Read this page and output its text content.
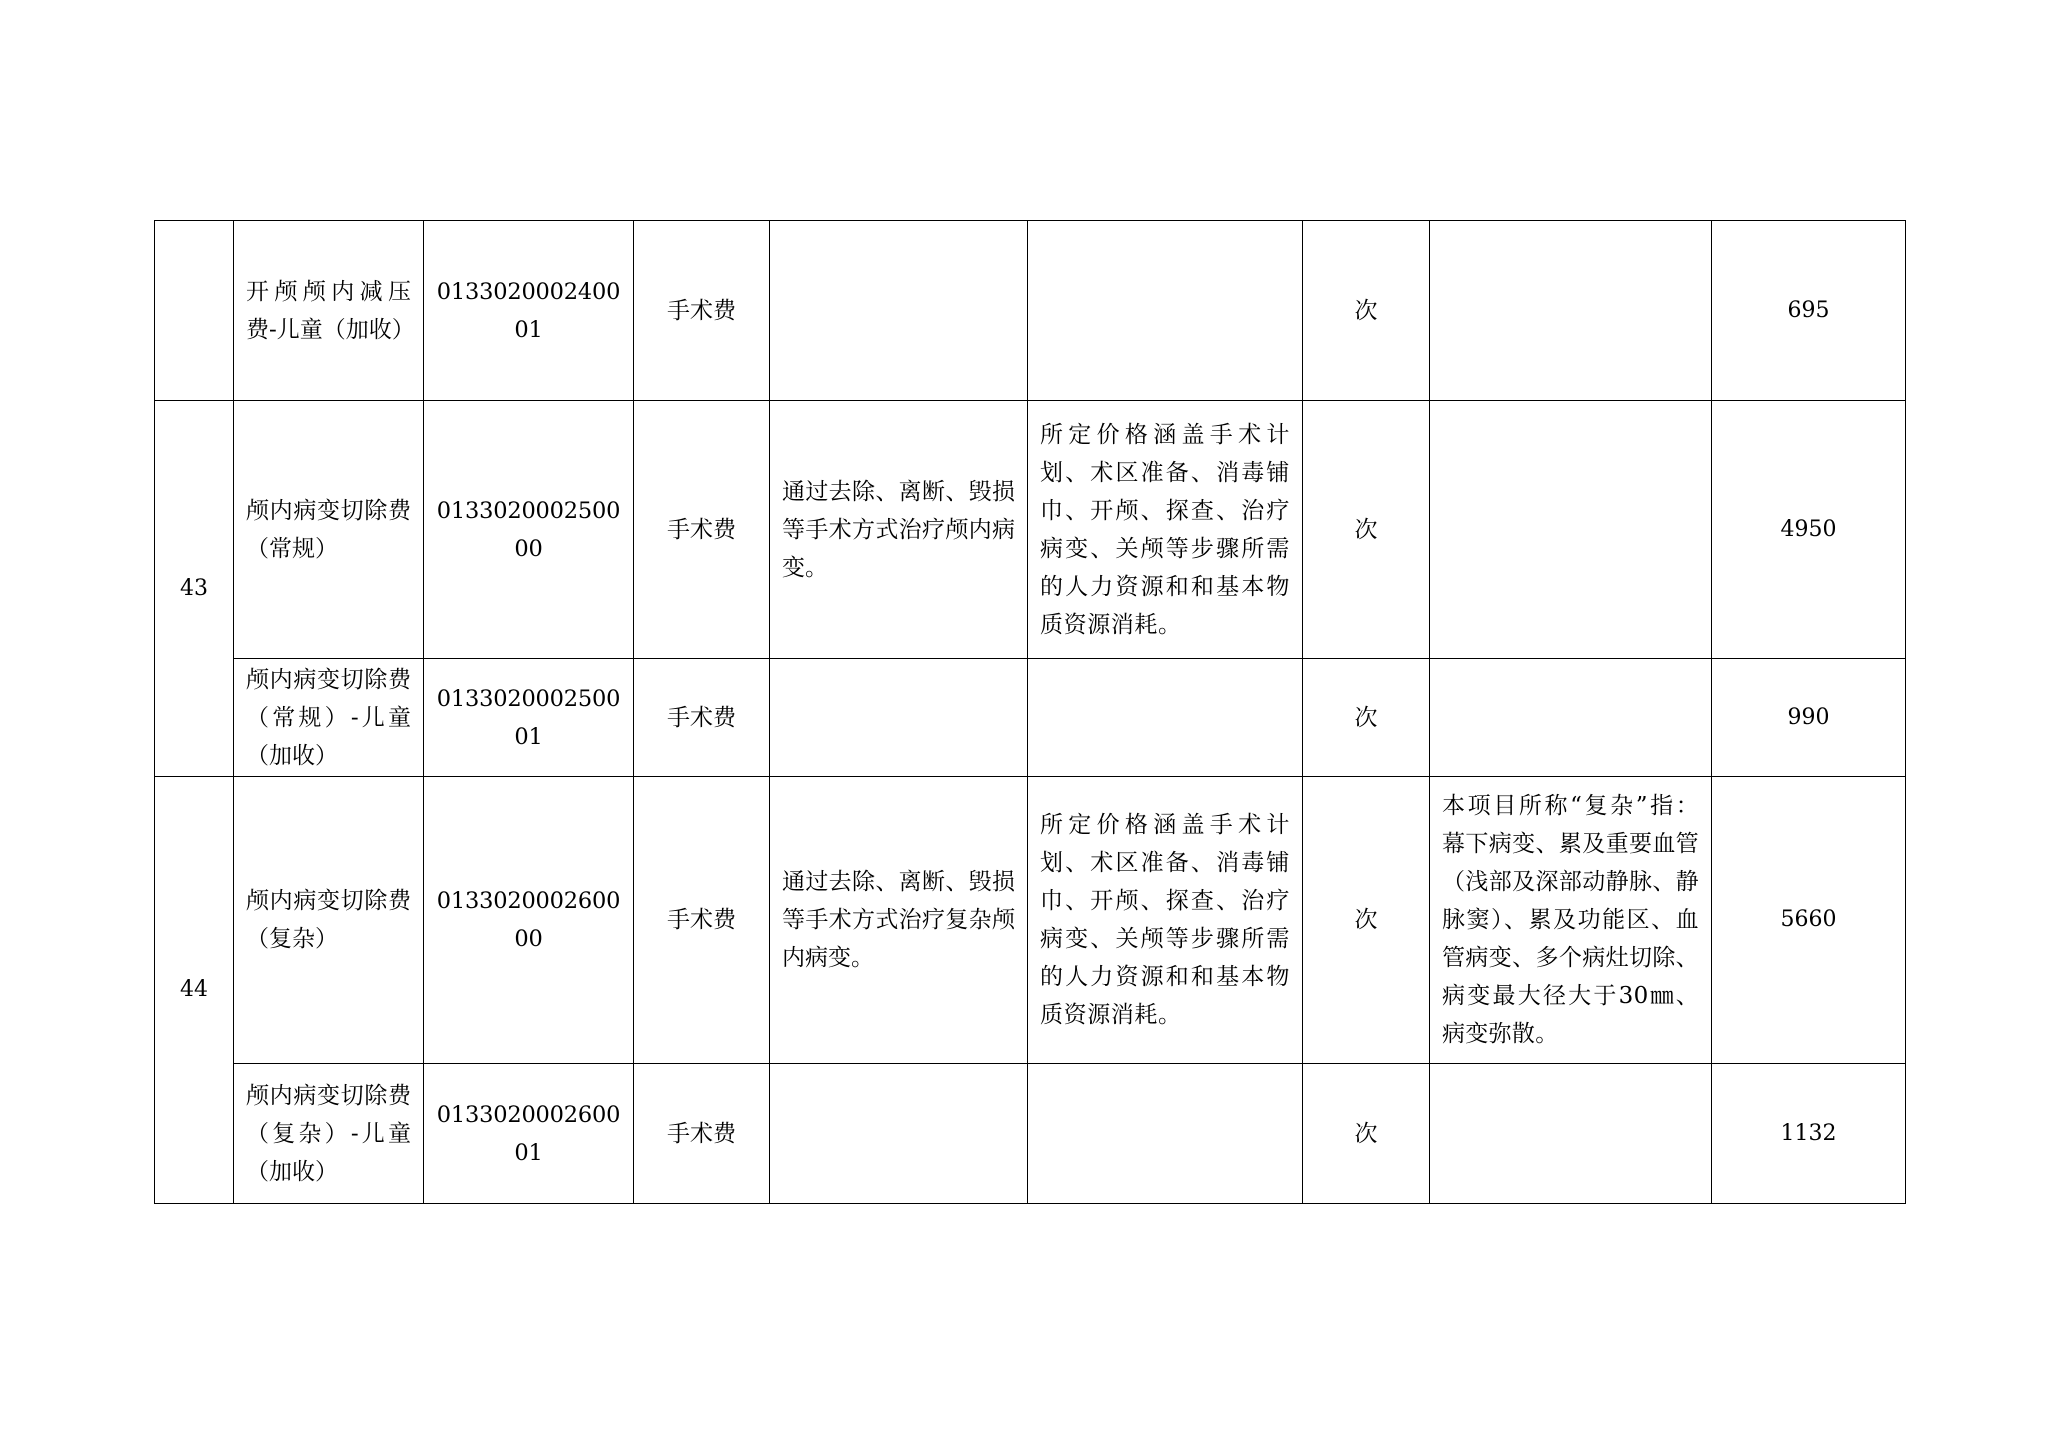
	开颅颅内减压费-儿童（加收）	013302000240001	手术费			次		695
43	颅内病变切除费（常规）	013302000250000	手术费	通过去除、离断、毁损等手术方式治疗颅内病变。	所定价格涵盖手术计划、术区准备、消毒铺巾、开颅、探查、治疗病变、关颅等步骤所需的人力资源和和基本物质资源消耗。	次		4950
	颅内病变切除费（常规）-儿童（加收）	013302000250001	手术费			次		990
44	颅内病变切除费（复杂）	013302000260000	手术费	通过去除、离断、毁损等手术方式治疗复杂颅内病变。	所定价格涵盖手术计划、术区准备、消毒铺巾、开颅、探查、治疗病变、关颅等步骤所需的人力资源和和基本物质资源消耗。	次	本项目所称“复杂”指：幕下病变、累及重要血管（浅部及深部动静脉、静脉窦）、累及功能区、血管病变、多个病灶切除、病变最大径大于30㎜、病变弥散。	5660
	颅内病变切除费（复杂）-儿童（加收）	013302000260001	手术费			次		1132
